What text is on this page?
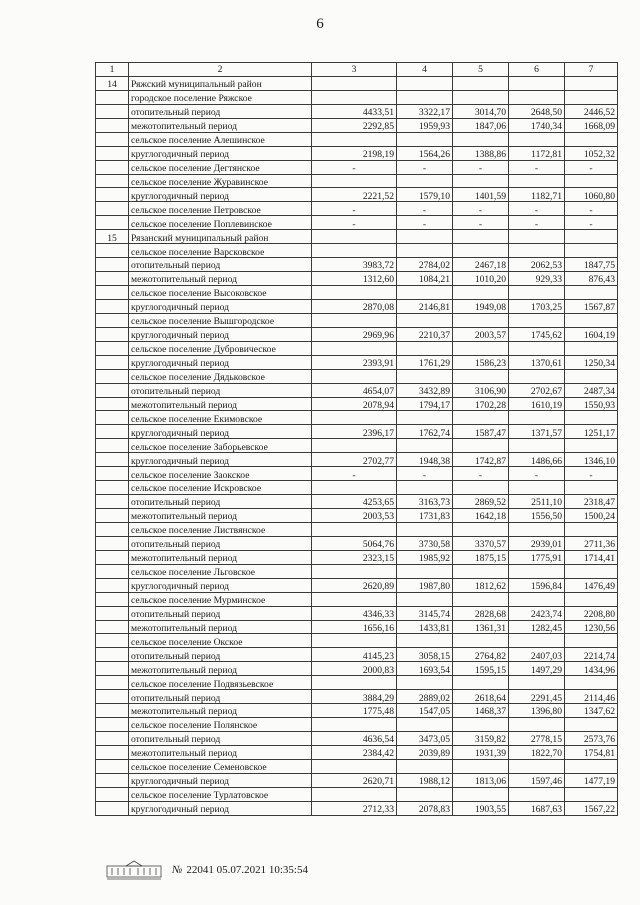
6
1	2	3	4	5	6	7
14	Ряжский муниципальный район					
	городское поселение Ряжское					
	отопительный период	4433,51	3322,17	3014,70	2648,50	2446,52
	межотопительный период	2292,85	1959,93	1847,06	1740,34	1668,09
	сельское поселение Алешинское					
	круглогодичный период	2198,19	1564,26	1388,86	1172,81	1052,32
	сельское поселение Дегтянское	-	-	-	-	-
	сельское поселение Журавинское					
	круглогодичный период	2221,52	1579,10	1401,59	1182,71	1060,80
	сельское поселение Петровское	-	-	-	-	-
	сельское поселение Поплевинское	-	-	-	-	-
15	Рязанский муниципальный район					
	сельское поселение Варсковское					
	отопительный период	3983,72	2784,02	2467,18	2062,53	1847,75
	межотопительный период	1312,60	1084,21	1010,20	929,33	876,43
	сельское поселение Высоковское					
	круглогодичный период	2870,08	2146,81	1949,08	1703,25	1567,87
	сельское поселение Вышгородское					
	круглогодичный период	2969,96	2210,37	2003,57	1745,62	1604,19
	сельское поселение Дубровическое					
	круглогодичный период	2393,91	1761,29	1586,23	1370,61	1250,34
	сельское поселение Дядьковское					
	отопительный период	4654,07	3432,89	3106,90	2702,67	2487,34
	межотопительный период	2078,94	1794,17	1702,28	1610,19	1550,93
	сельское поселение Екимовское					
	круглогодичный период	2396,17	1762,74	1587,47	1371,57	1251,17
	сельское поселение Заборьевское					
	круглогодичный период	2702,77	1948,38	1742,87	1486,66	1346,10
	сельское поселение Заокское	-	-	-	-	-
	сельское поселение Искровское					
	отопительный период	4253,65	3163,73	2869,52	2511,10	2318,47
	межотопительный период	2003,53	1731,83	1642,18	1556,50	1500,24
	сельское поселение Листвянское					
	отопительный период	5064,76	3730,58	3370,57	2939,01	2711,36
	межотопительный период	2323,15	1985,92	1875,15	1775,91	1714,41
	сельское поселение Льговское					
	круглогодичный период	2620,89	1987,80	1812,62	1596,84	1476,49
	сельское поселение Мурминское					
	отопительный период	4346,33	3145,74	2828,68	2423,74	2208,80
	межотопительный период	1656,16	1433,81	1361,31	1282,45	1230,56
	сельское поселение Окское					
	отопительный период	4145,23	3058,15	2764,82	2407,03	2214,74
	межотопительный период	2000,83	1693,54	1595,15	1497,29	1434,96
	сельское поселение Подвязьевское					
	отопительный период	3884,29	2889,02	2618,64	2291,45	2114,46
	межотопительный период	1775,48	1547,05	1468,37	1396,80	1347,62
	сельское поселение Полянское					
	отопительный период	4636,54	3473,05	3159,82	2778,15	2573,76
	межотопительный период	2384,42	2039,89	1931,39	1822,70	1754,81
	сельское поселение Семеновское					
	круглогодичный период	2620,71	1988,12	1813,06	1597,46	1477,19
	сельское поселение Турлатовское					
	круглогодичный период	2712,33	2078,83	1903,55	1687,63	1567,22
№ 22041 05.07.2021 10:35:54
